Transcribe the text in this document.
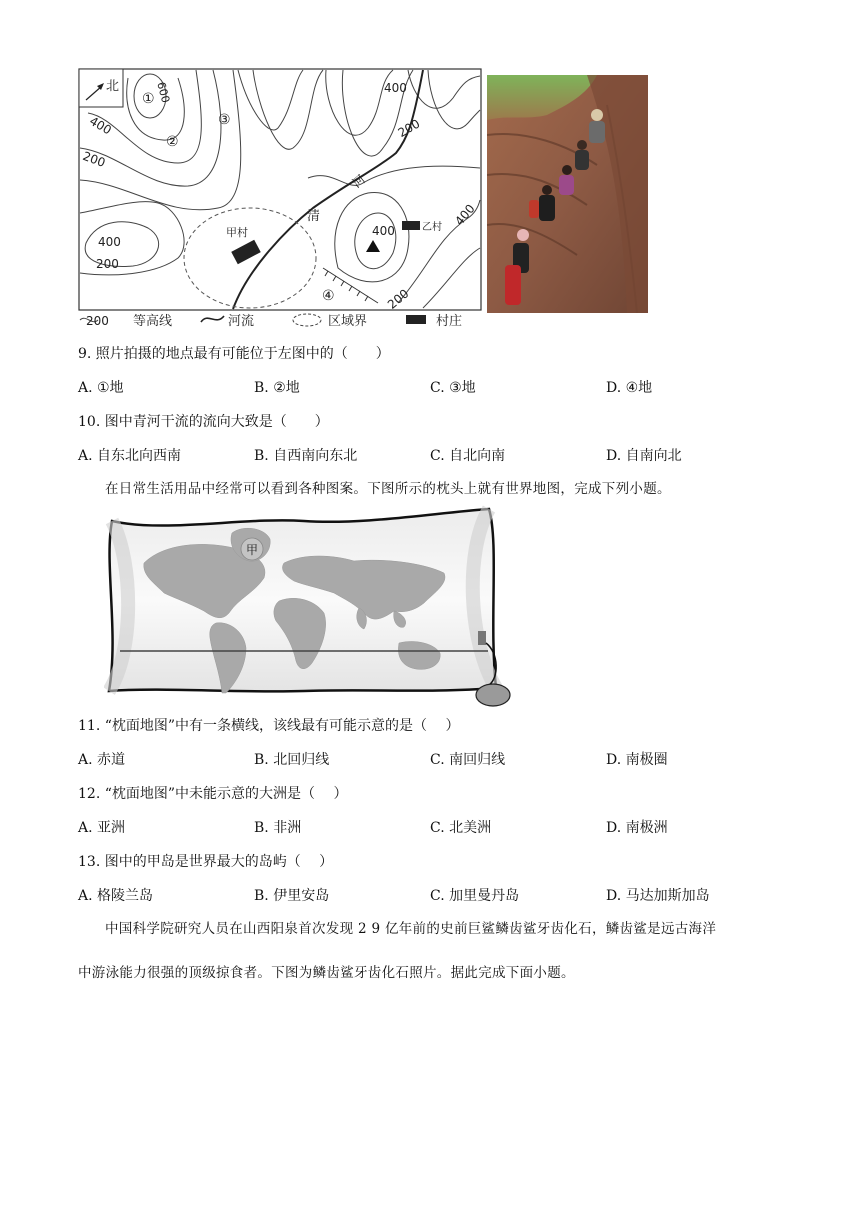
北
甲村	乙村
清
河
①
②
③
④
600
400
200
400
200
400
200
400
400
200
200 等高线	河流	区域界	村庄
9. 照片拍摄的地点最有可能位于左图中的（　　）
A. ①地	B. ②地	C. ③地	D. ④地
10. 图中青河干流的流向大致是（　　）
A. 自东北向西南	B. 自西南向东北	C. 自北向南	D. 自南向北
在日常生活用品中经常可以看到各种图案。下图所示的枕头上就有世界地图，完成下列小题。
甲
11. “枕面地图”中有一条横线，该线最有可能示意的是（　 ）
A. 赤道	B. 北回归线	C. 南回归线	D. 南极圈
12. “枕面地图”中未能示意的大洲是（　 ）
A. 亚洲	B. 非洲	C. 北美洲	D. 南极洲
13. 图中的甲岛是世界最大的岛屿（　 ）
A. 格陵兰岛	B. 伊里安岛	C. 加里曼丹岛	D. 马达加斯加岛
中国科学院研究人员在山西阳泉首次发现 2 9 亿年前的史前巨鲨鳞齿鲨牙齿化石，鳞齿鲨是远古海洋
中游泳能力很强的顶级掠食者。下图为鳞齿鲨牙齿化石照片。据此完成下面小题。
